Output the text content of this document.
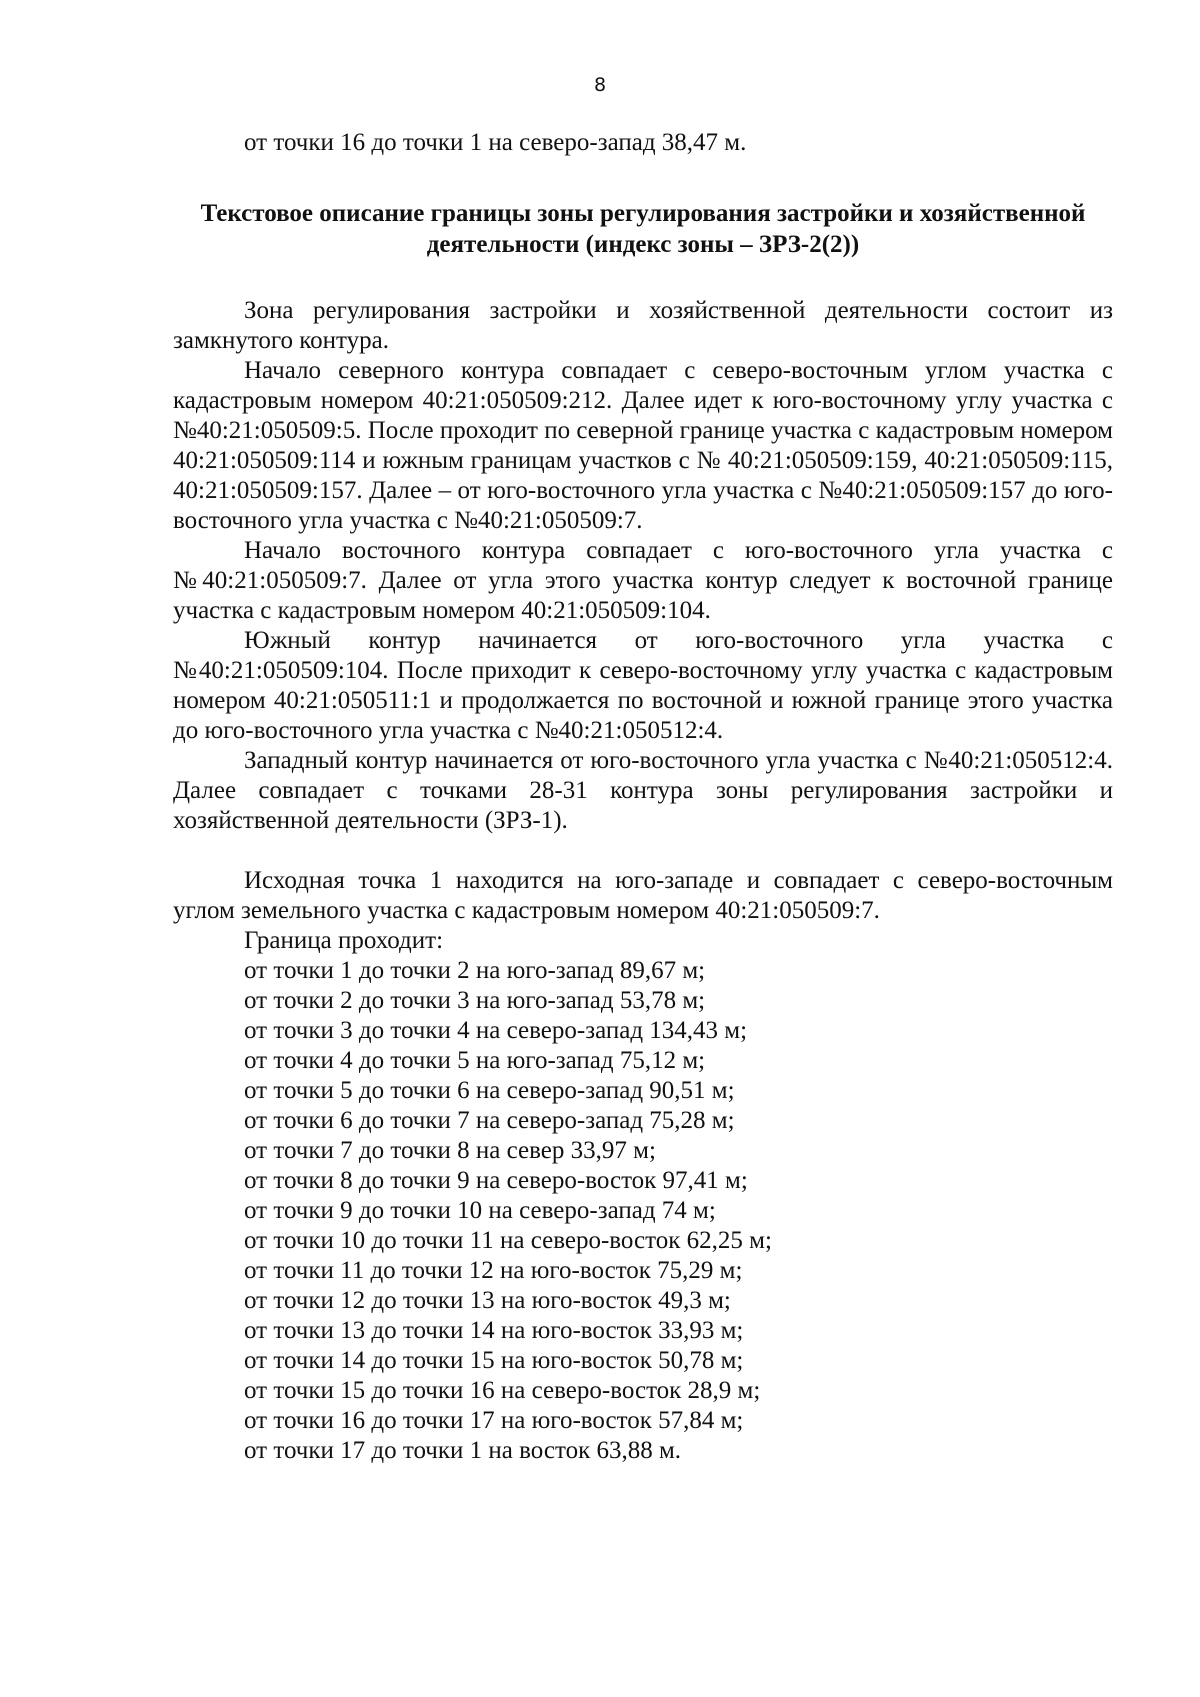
8

от точки 16 до точки 1 на северо-запад 38,47 м.

Текстовое описание границы зоны регулирования застройки и хозяйственной
деятельности (индекс зоны – ЗРЗ-2(2))

Зона регулирования застройки и хозяйственной деятельности состоит из замкнутого контура.

Начало северного контура совпадает с северо-восточным углом участка с кадастровым номером 40:21:050509:212. Далее идет к юго-восточному углу участка с №40:21:050509:5. После проходит по северной границе участка с кадастровым номером 40:21:050509:114 и южным границам участков с № 40:21:050509:159, 40:21:050509:115, 40:21:050509:157. Далее – от юго-восточного угла участка с №40:21:050509:157 до юго-восточного угла участка с №40:21:050509:7.

Начало восточного контура совпадает с юго-восточного угла участка с №40:21:050509:7. Далее от угла этого участка контур следует к восточной границе участка с кадастровым номером 40:21:050509:104.

Южный контур начинается от юго-восточного угла участка с №40:21:050509:104. После приходит к северо-восточному углу участка с кадастровым номером 40:21:050511:1 и продолжается по восточной и южной границе этого участка до юго-восточного угла участка с №40:21:050512:4.

Западный контур начинается от юго-восточного угла участка с №40:21:050512:4. Далее совпадает с точками 28-31 контура зоны регулирования застройки и хозяйственной деятельности (ЗРЗ-1).

Исходная точка 1 находится на юго-западе и совпадает с северо-восточным углом земельного участка с кадастровым номером 40:21:050509:7.

Граница проходит:

от точки 1 до точки 2 на юго-запад 89,67 м;
от точки 2 до точки 3 на юго-запад 53,78 м;
от точки 3 до точки 4 на северо-запад 134,43 м;
от точки 4 до точки 5 на юго-запад 75,12 м;
от точки 5 до точки 6 на северо-запад 90,51 м;
от точки 6 до точки 7 на северо-запад 75,28 м;
от точки 7 до точки 8 на север 33,97 м;
от точки 8 до точки 9 на северо-восток 97,41 м;
от точки 9 до точки 10 на северо-запад 74 м;
от точки 10 до точки 11 на северо-восток 62,25 м;
от точки 11 до точки 12 на юго-восток 75,29 м;
от точки 12 до точки 13 на юго-восток 49,3 м;
от точки 13 до точки 14 на юго-восток 33,93 м;
от точки 14 до точки 15 на юго-восток 50,78 м;
от точки 15 до точки 16 на северо-восток 28,9 м;
от точки 16 до точки 17 на юго-восток 57,84 м;
от точки 17 до точки 1 на восток 63,88 м.
